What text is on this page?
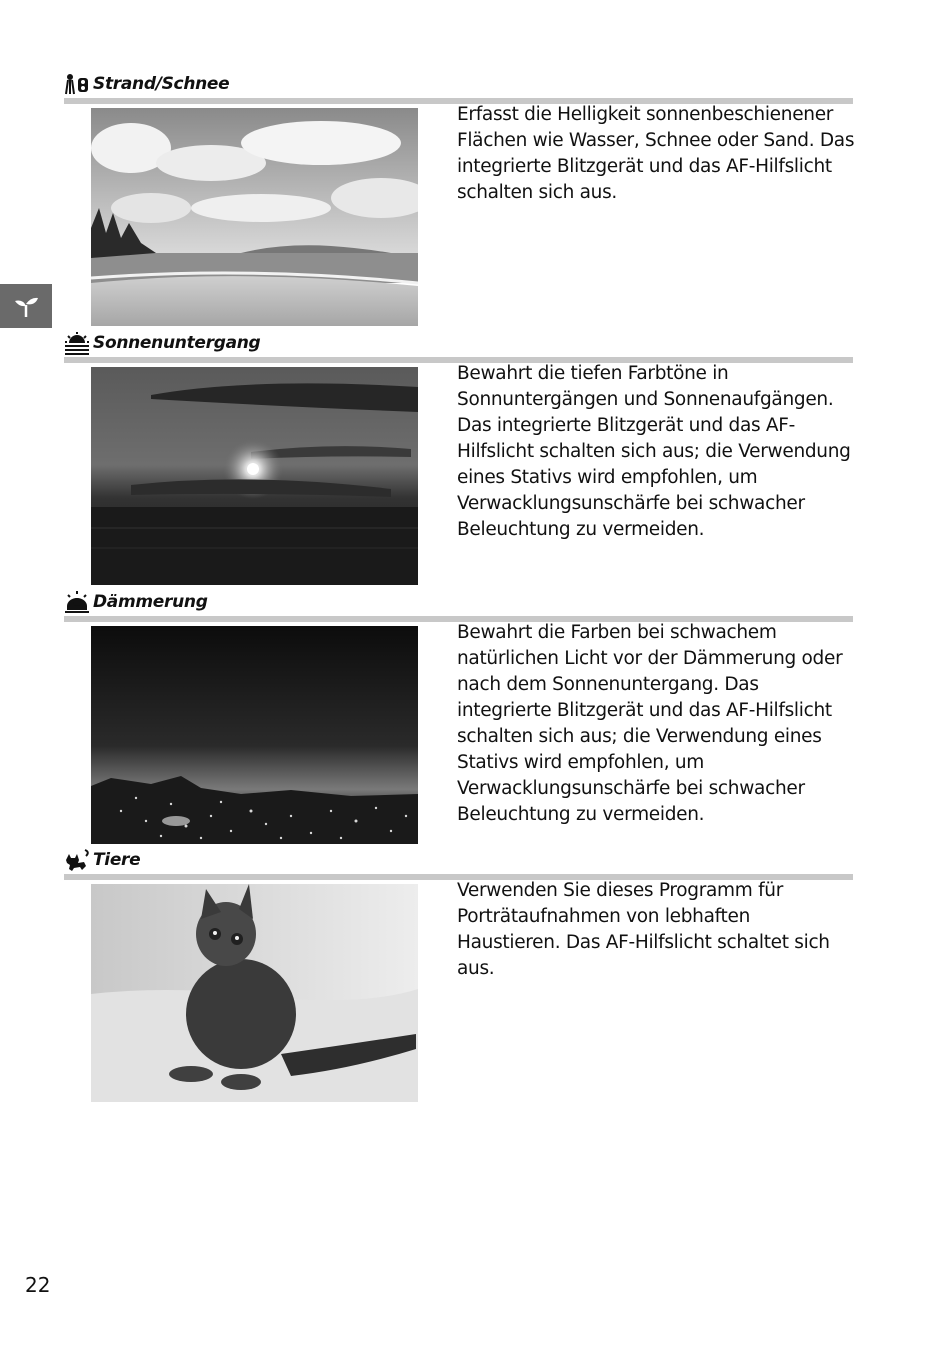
Strand/Schnee
Erfasst die Helligkeit sonnenbeschienener
Flächen wie Wasser, Schnee oder Sand. Das
integrierte Blitzgerät und das AF-Hilfslicht
schalten sich aus.
Sonnenuntergang
Bewahrt die tiefen Farbtöne in
Sonnuntergängen und Sonnenaufgängen.
Das integrierte Blitzgerät und das AF-
Hilfslicht schalten sich aus; die Verwendung
eines Stativs wird empfohlen, um
Verwacklungsunschärfe bei schwacher
Beleuchtung zu vermeiden.
Dämmerung
Bewahrt die Farben bei schwachem
natürlichen Licht vor der Dämmerung oder
nach dem Sonnenuntergang. Das
integrierte Blitzgerät und das AF-Hilfslicht
schalten sich aus; die Verwendung eines
Stativs wird empfohlen, um
Verwacklungsunschärfe bei schwacher
Beleuchtung zu vermeiden.
Tiere
Verwenden Sie dieses Programm für
Porträtaufnahmen von lebhaften
Haustieren. Das AF-Hilfslicht schaltet sich
aus.
22
